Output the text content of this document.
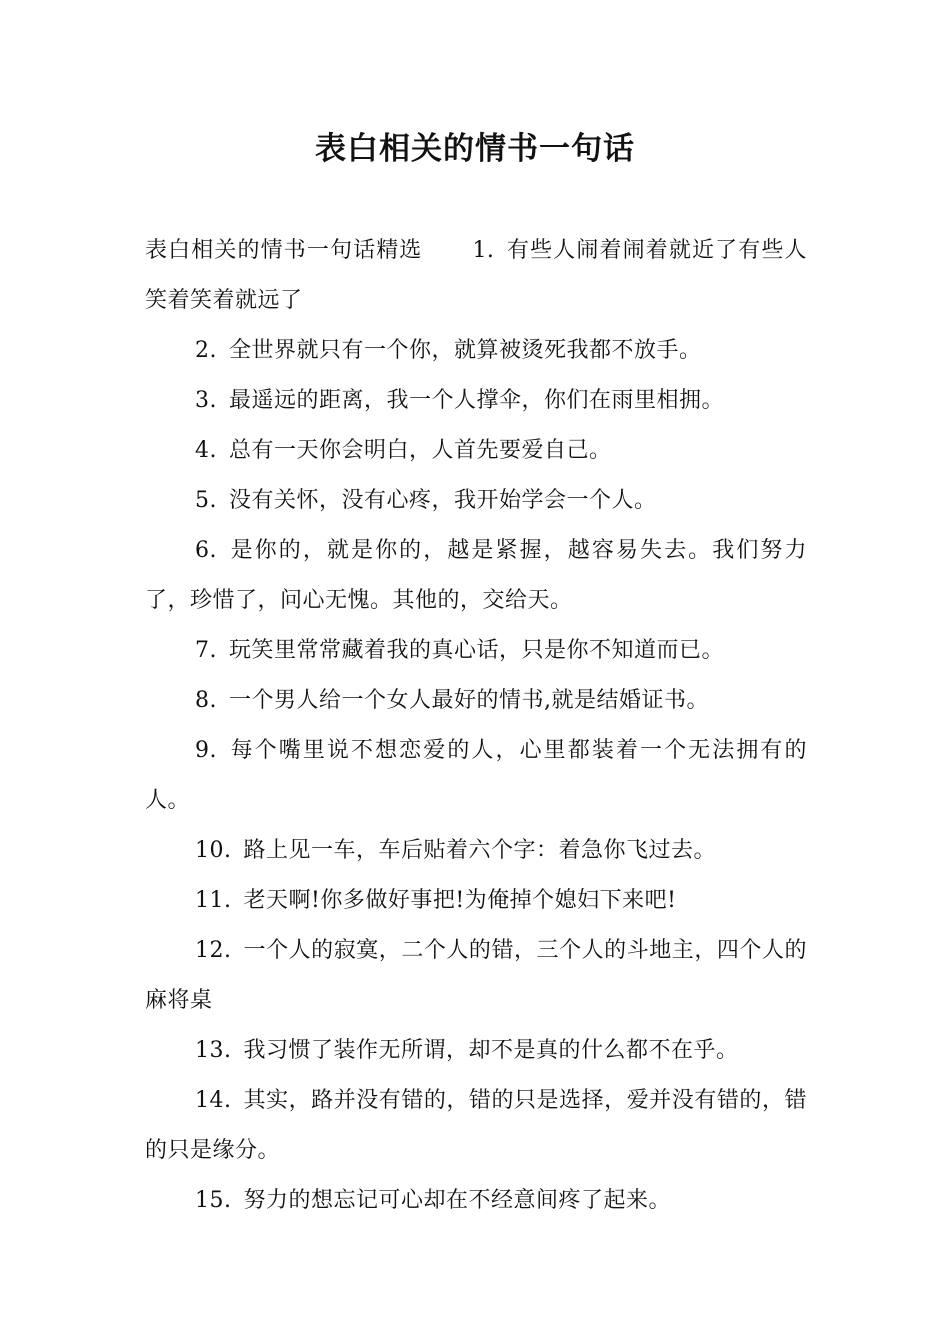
表白相关的情书一句话

表白相关的情书一句话精选 1. 有些人闹着闹着就近了有些人笑着笑着就远了

2. 全世界就只有一个你，就算被烫死我都不放手。

3. 最遥远的距离，我一个人撑伞，你们在雨里相拥。

4. 总有一天你会明白，人首先要爱自己。

5. 没有关怀，没有心疼，我开始学会一个人。

6. 是你的，就是你的，越是紧握，越容易失去。我们努力了，珍惜了，问心无愧。其他的，交给天。

7. 玩笑里常常藏着我的真心话，只是你不知道而已。

8. 一个男人给一个女人最好的情书,就是结婚证书。

9. 每个嘴里说不想恋爱的人，心里都装着一个无法拥有的人。

10. 路上见一车，车后贴着六个字：着急你飞过去。

11. 老天啊!你多做好事把!为俺掉个媳妇下来吧!

12. 一个人的寂寞，二个人的错，三个人的斗地主，四个人的麻将桌

13. 我习惯了装作无所谓，却不是真的什么都不在乎。

14. 其实，路并没有错的，错的只是选择，爱并没有错的，错的只是缘分。

15. 努力的想忘记可心却在不经意间疼了起来。
